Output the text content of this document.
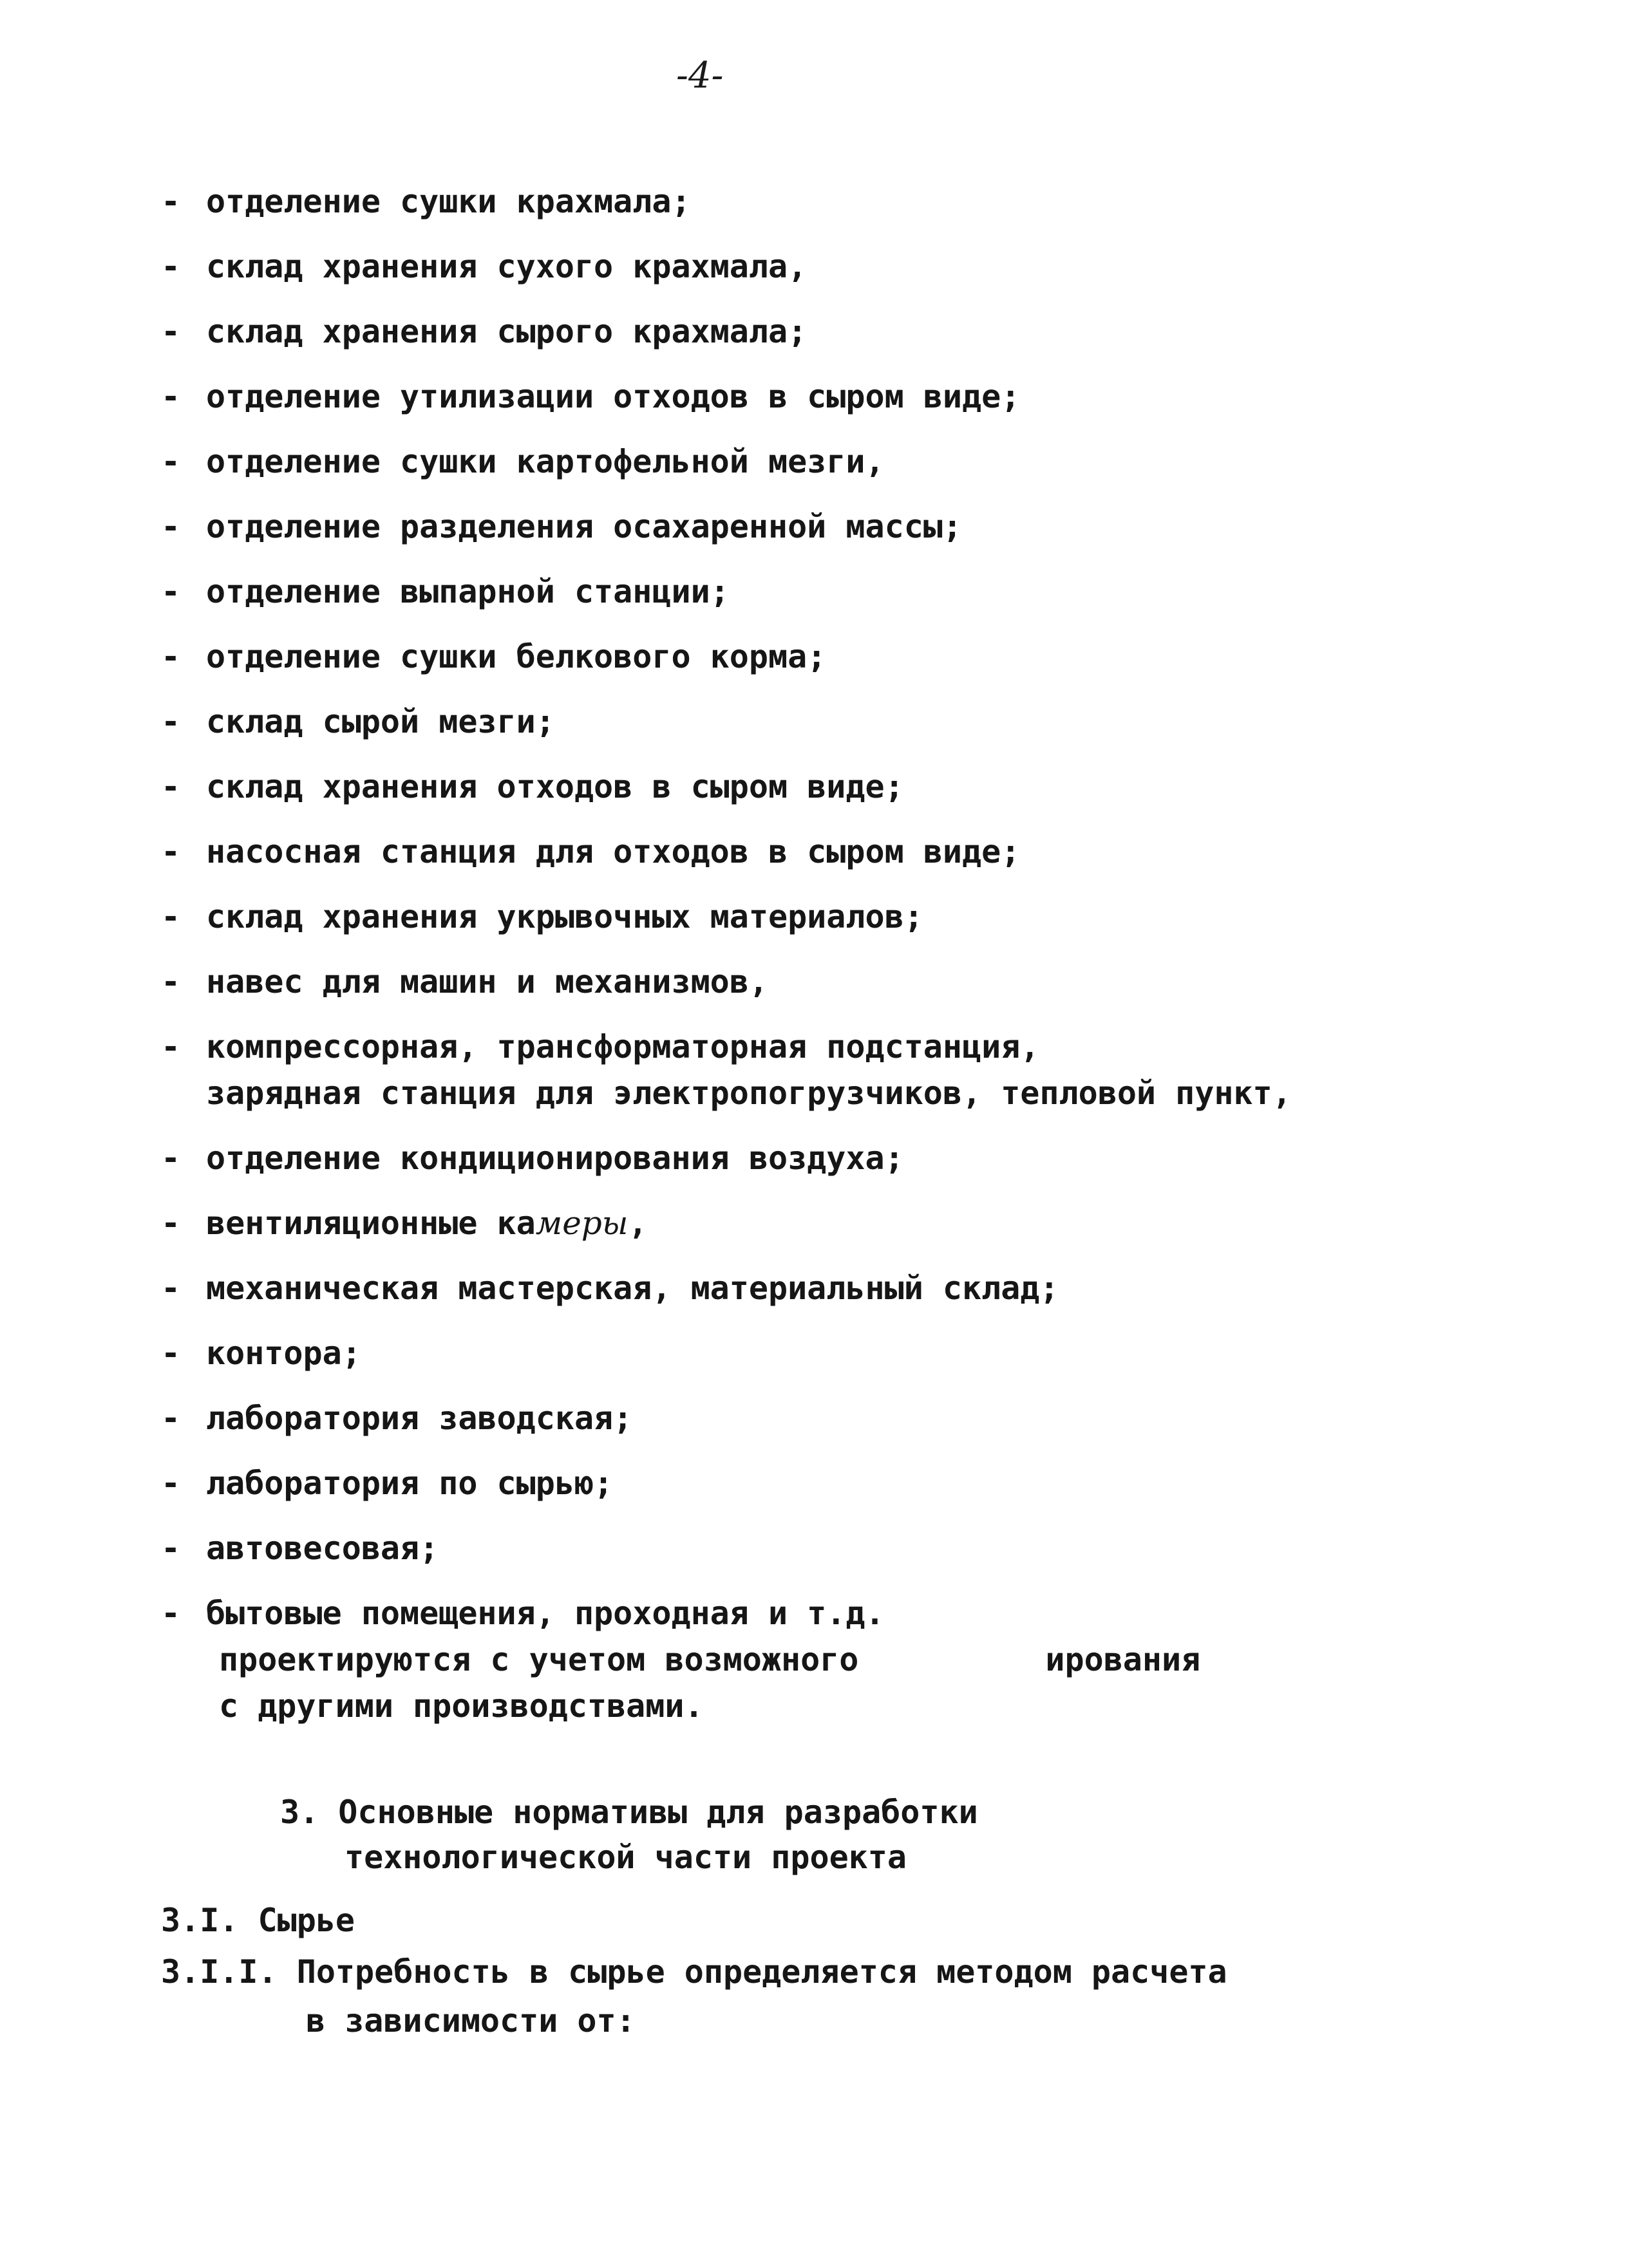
-4-
- отделение сушки крахмала;
- склад хранения сухого крахмала,
- склад хранения сырого крахмала;
- отделение утилизации отходов в сыром виде;
- отделение сушки картофельной мезги,
- отделение разделения осахаренной массы;
- отделение выпарной станции;
- отделение сушки белкового корма;
- склад сырой мезги;
- склад хранения отходов в сыром виде;
- насосная станция для отходов в сыром виде;
- склад хранения укрывочных материалов;
- навес для машин и механизмов,
- компрессорная, трансформаторная подстанция,
зарядная станция для электропогрузчиков, тепловой пункт,
- отделение кондиционирования воздуха;
- вентиляционные камеры,
- механическая мастерская, материальный склад;
- контора;
- лаборатория заводская;
- лаборатория по сырью;
- автовесовая;
- бытовые помещения, проходная и т.д.
проектируются с учетом возможного	ирования
с другими производствами.
3. Основные нормативы для разработки
технологической части проекта
3.I. Сырье
3.I.I. Потребность в сырье определяется методом расчета
в зависимости от:
